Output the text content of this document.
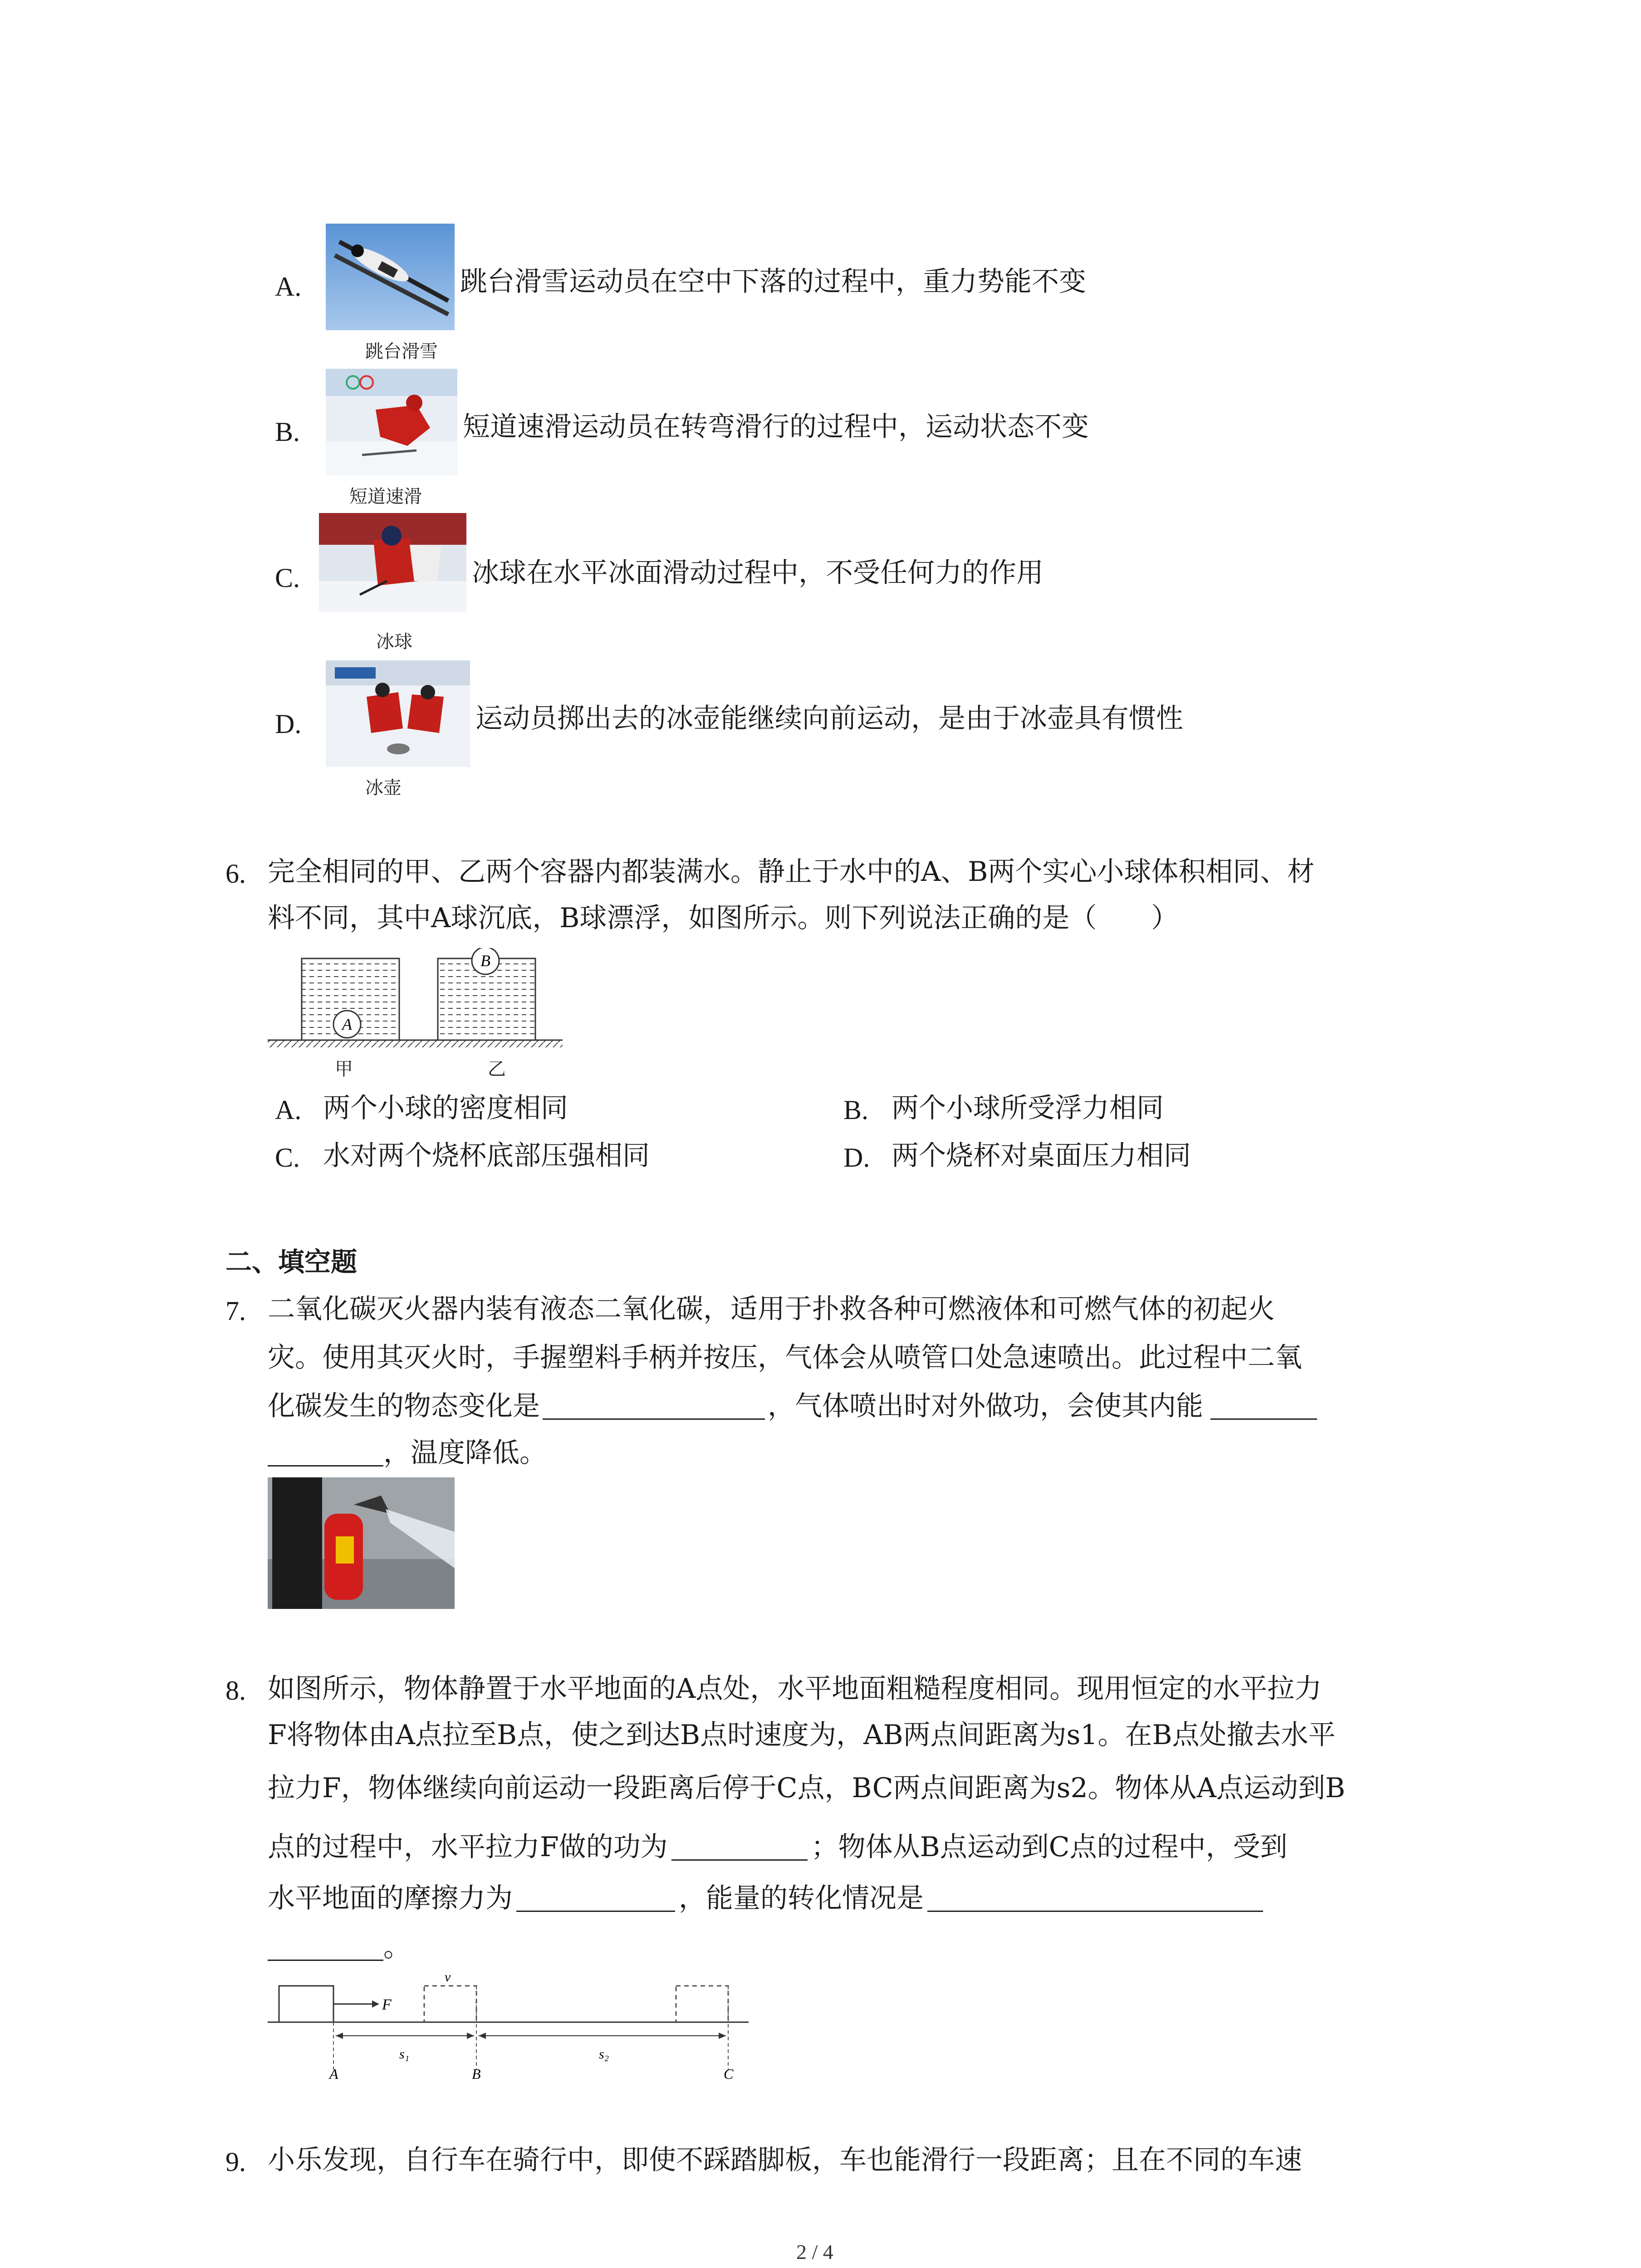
A.
跳台滑雪
跳台滑雪运动员在空中下落的过程中，重力势能不变
B.
短道速滑
短道速滑运动员在转弯滑行的过程中，运动状态不变
C.
冰球
冰球在水平冰面滑动过程中，不受任何力的作用
D.
冰壶
运动员掷出去的冰壶能继续向前运动，是由于冰壶具有惯性
6. 完全相同的甲、乙两个容器内都装满水。静止于水中的A、B两个实心小球体积相同、材
料不同，其中A球沉底，B球漂浮，如图所示。则下列说法正确的是（　　）
A
B
甲	乙
A. 两个小球的密度相同	B. 两个小球所受浮力相同
C. 水对两个烧杯底部压强相同	D. 两个烧杯对桌面压力相同
二、填空题
7. 二氧化碳灭火器内装有液态二氧化碳，适用于扑救各种可燃液体和可燃气体的初起火
灾。使用其灭火时，手握塑料手柄并按压，气体会从喷管口处急速喷出。此过程中二氧
化碳发生的物态变化是	，气体喷出时对外做功，会使其内能
，温度降低。
8. 如图所示，物体静置于水平地面的A点处，水平地面粗糙程度相同。现用恒定的水平拉力
F将物体由A点拉至B点，使之到达B点时速度为，AB两点间距离为s1。在B点处撤去水平
拉力F，物体继续向前运动一段距离后停于C点，BC两点间距离为s2。物体从A点运动到B
点的过程中，水平拉力F做的功为	；物体从B点运动到C点的过程中，受到
水平地面的摩擦力为	，能量的转化情况是
。
F
v
s₁	s₂
A	B	C
9. 小乐发现，自行车在骑行中，即使不踩踏脚板，车也能滑行一段距离；且在不同的车速
2 / 4
